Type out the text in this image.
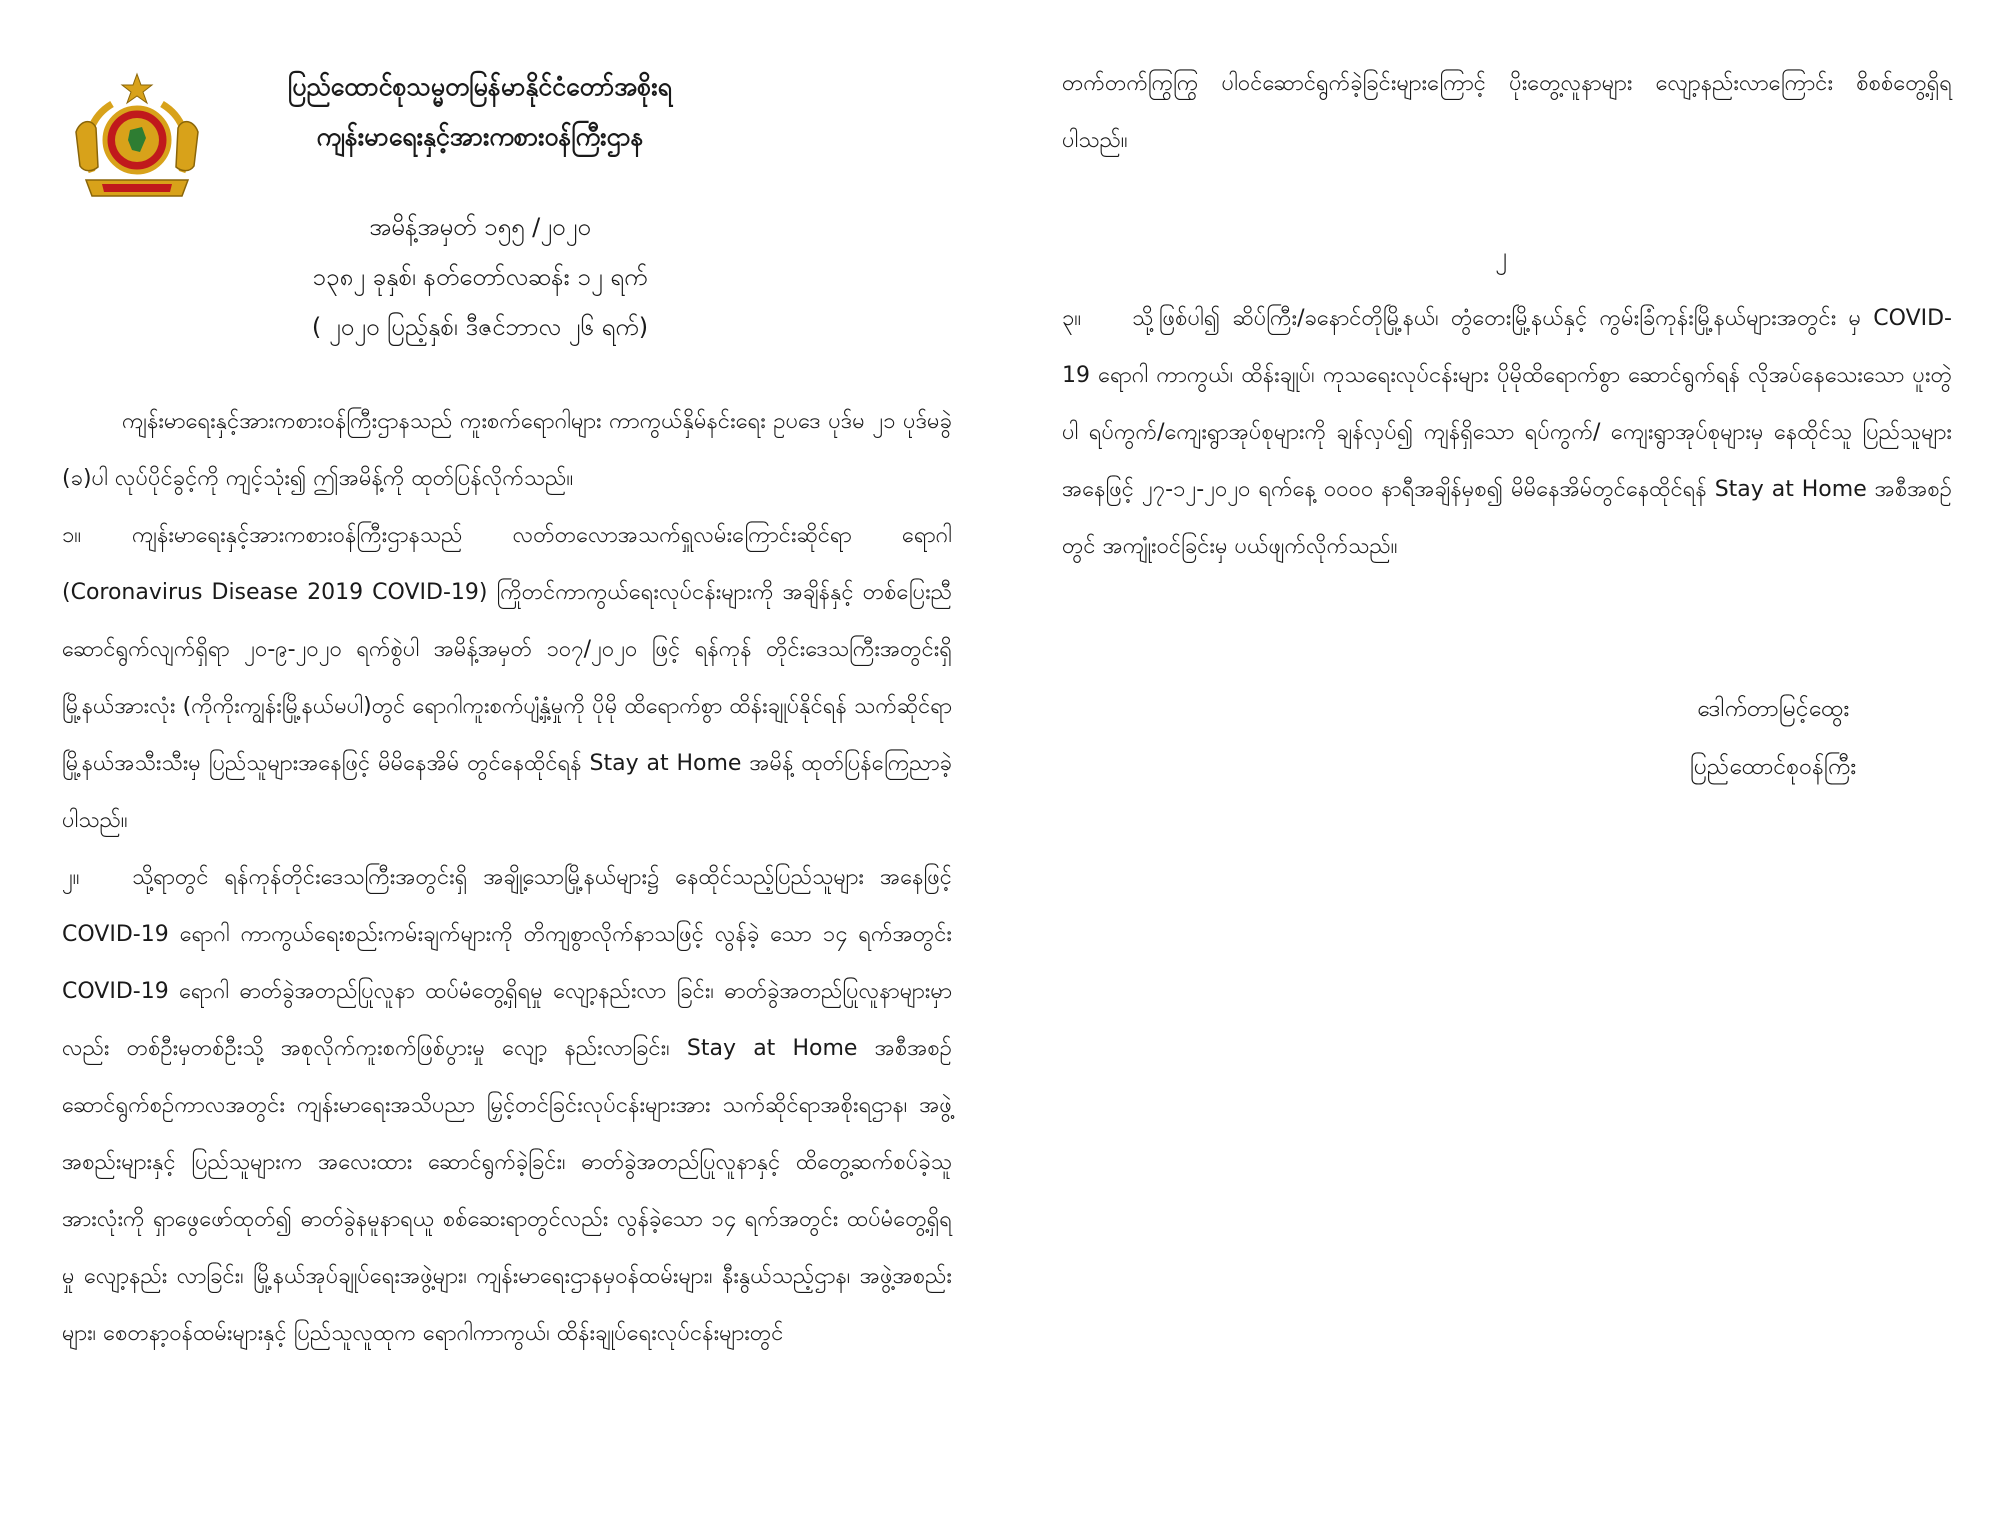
ပြည်ထောင်စုသမ္မတမြန်မာနိုင်ငံတော်အစိုးရ
ကျန်းမာရေးနှင့်အားကစားဝန်ကြီးဌာန
အမိန့်အမှတ် ၁၅၅ /၂၀၂၀
၁၃၈၂ ခုနှစ်၊ နတ်တော်လဆန်း ၁၂ ရက်
( ၂၀၂၀ ပြည့်နှစ်၊ ဒီဇင်ဘာလ ၂၆ ရက်)

ကျန်းမာရေးနှင့်အားကစားဝန်ကြီးဌာနသည် ကူးစက်ရောဂါများ ကာကွယ်နှိမ်နင်းရေး ဥပဒေ ပုဒ်မ ၂၁ ပုဒ်မခွဲ (ခ)ပါ လုပ်ပိုင်ခွင့်ကို ကျင့်သုံး၍ ဤအမိန့်ကို ထုတ်ပြန်လိုက်သည်။

၁။ ကျန်းမာရေးနှင့်အားကစားဝန်ကြီးဌာနသည် လတ်တလောအသက်ရှူလမ်းကြောင်းဆိုင်ရာ ရောဂါ (Coronavirus Disease 2019 COVID-19) ကြိုတင်ကာကွယ်ရေးလုပ်ငန်းများကို အချိန်နှင့် တစ်ပြေးညီ ဆောင်ရွက်လျက်ရှိရာ ၂၀-၉-၂၀၂၀ ရက်စွဲပါ အမိန့်အမှတ် ၁၀၇/၂၀၂၀ ဖြင့် ရန်ကုန် တိုင်းဒေသကြီးအတွင်းရှိ မြို့နယ်အားလုံး (ကိုကိုးကျွန်းမြို့နယ်မပါ)တွင် ရောဂါကူးစက်ပျံ့နှံ့မှုကို ပိုမို ထိရောက်စွာ ထိန်းချုပ်နိုင်ရန် သက်ဆိုင်ရာမြို့နယ်အသီးသီးမှ ပြည်သူများအနေဖြင့် မိမိနေအိမ် တွင်နေထိုင်ရန် Stay at Home အမိန့် ထုတ်ပြန်ကြေညာခဲ့ပါသည်။

၂။ သို့ရာတွင် ရန်ကုန်တိုင်းဒေသကြီးအတွင်းရှိ အချို့သောမြို့နယ်များ၌ နေထိုင်သည့်ပြည်သူများ အနေဖြင့် COVID-19 ရောဂါ ကာကွယ်ရေးစည်းကမ်းချက်များကို တိကျစွာလိုက်နာသဖြင့် လွန်ခဲ့ သော ၁၄ ရက်အတွင်း COVID-19 ရောဂါ ဓာတ်ခွဲအတည်ပြုလူနာ ထပ်မံတွေ့ရှိရမှု လျော့နည်းလာ ခြင်း၊ ဓာတ်ခွဲအတည်ပြုလူနာများမှာလည်း တစ်ဦးမှတစ်ဦးသို့ အစုလိုက်ကူးစက်ဖြစ်ပွားမှု လျော့ နည်းလာခြင်း၊ Stay at Home အစီအစဉ် ဆောင်ရွက်စဉ်ကာလအတွင်း ကျန်းမာရေးအသိပညာ မြှင့်တင်ခြင်းလုပ်ငန်းများအား သက်ဆိုင်ရာအစိုးရဌာန၊ အဖွဲ့အစည်းများနှင့် ပြည်သူများက အလေးထား ဆောင်ရွက်ခဲ့ခြင်း၊ ဓာတ်ခွဲအတည်ပြုလူနာနှင့် ထိတွေ့ဆက်စပ်ခဲ့သူအားလုံးကို ရှာဖွေဖော်ထုတ်၍ ဓာတ်ခွဲနမူနာရယူ စစ်ဆေးရာတွင်လည်း လွန်ခဲ့သော ၁၄ ရက်အတွင်း ထပ်မံတွေ့ရှိရမှု လျော့နည်း လာခြင်း၊ မြို့နယ်အုပ်ချုပ်ရေးအဖွဲ့များ၊ ကျန်းမာရေးဌာနမှဝန်ထမ်းများ၊ နီးနွယ်သည့်ဌာန၊ အဖွဲ့အစည်း များ၊ စေတနာ့ဝန်ထမ်းများနှင့် ပြည်သူလူထုက ရောဂါကာကွယ်၊ ထိန်းချုပ်ရေးလုပ်ငန်းများတွင်

တက်တက်ကြွကြွ ပါဝင်ဆောင်ရွက်ခဲ့ခြင်းများကြောင့် ပိုးတွေ့လူနာများ လျော့နည်းလာကြောင်း စိစစ်တွေ့ရှိရပါသည်။

၂

၃။ သို့ဖြစ်ပါ၍ ဆိပ်ကြီး/ခနောင်တိုမြို့နယ်၊ တွံတေးမြို့နယ်နှင့် ကွမ်းခြံကုန်းမြို့နယ်များအတွင်း မှ COVID-19 ရောဂါ ကာကွယ်၊ ထိန်းချုပ်၊ ကုသရေးလုပ်ငန်းများ ပိုမိုထိရောက်စွာ ဆောင်ရွက်ရန် လိုအပ်နေသေးသော ပူးတွဲပါ ရပ်ကွက်/ကျေးရွာအုပ်စုများကို ချန်လှပ်၍ ကျန်ရှိသော ရပ်ကွက်/ ကျေးရွာအုပ်စုများမှ နေထိုင်သူ ပြည်သူများအနေဖြင့် ၂၇-၁၂-၂၀၂၀ ရက်နေ့ ၀၀၀၀ နာရီအချိန်မှစ၍ မိမိနေအိမ်တွင်နေထိုင်ရန် Stay at Home အစီအစဉ်တွင် အကျုံးဝင်ခြင်းမှ ပယ်ဖျက်လိုက်သည်။

ဒေါက်တာမြင့်ထွေး
ပြည်ထောင်စုဝန်ကြီး
